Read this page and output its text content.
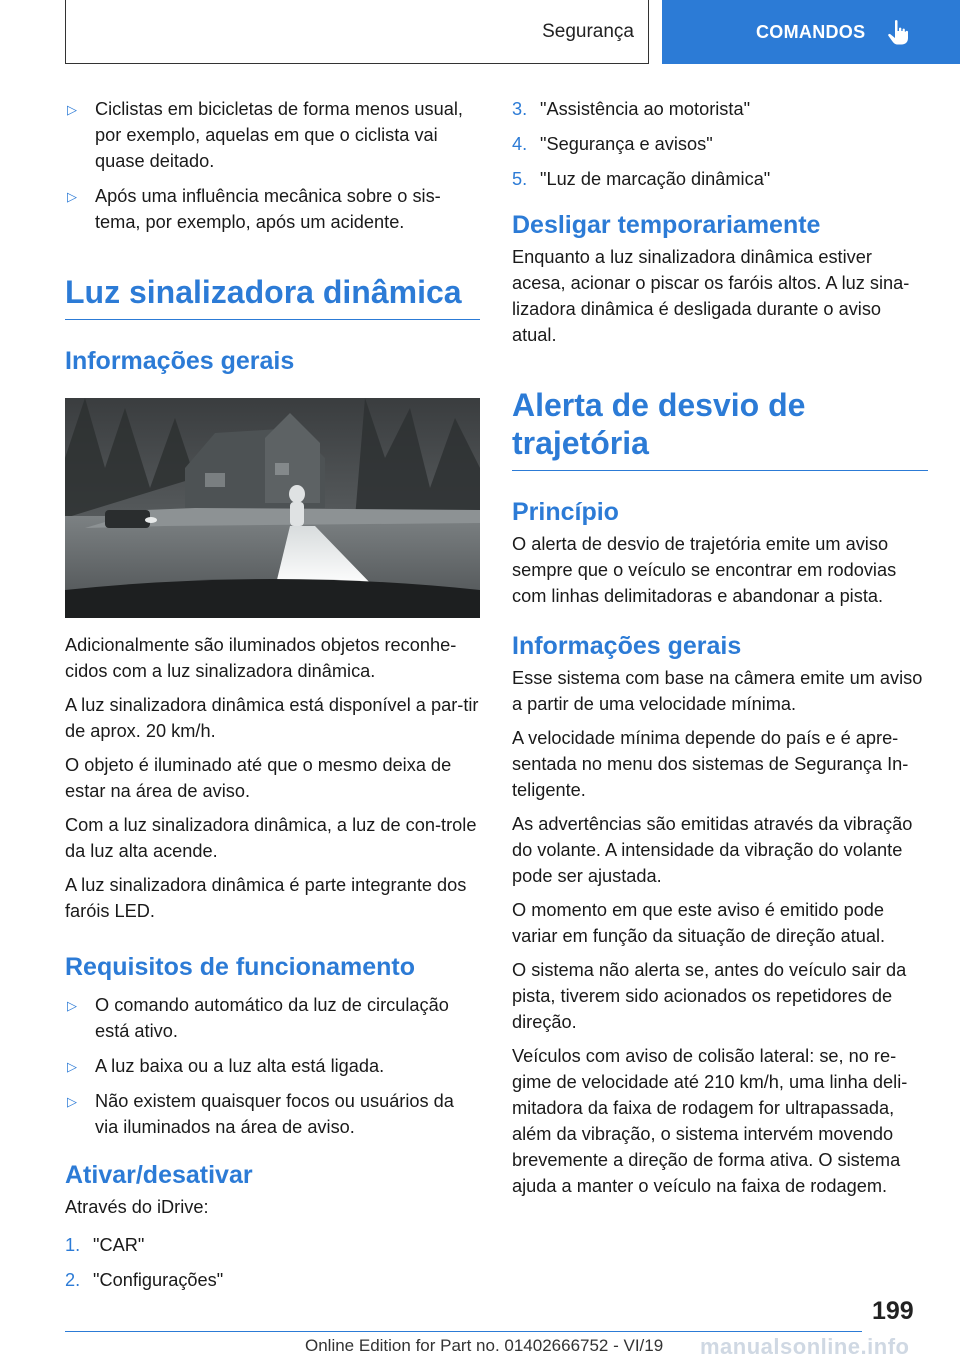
Segurança	COMANDOS
▷ Ciclistas em bicicletas de forma menos usual, por exemplo, aquelas em que o ciclista vai quase deitado.
▷ Após uma influência mecânica sobre o sis-tema, por exemplo, após um acidente.
Luz sinalizadora dinâmica
Informações gerais

Adicionalmente são iluminados objetos reconhe-cidos com a luz sinalizadora dinâmica.

A luz sinalizadora dinâmica está disponível a par-tir de aprox. 20 km/h.

O objeto é iluminado até que o mesmo deixa de estar na área de aviso.

Com a luz sinalizadora dinâmica, a luz de con-trole da luz alta acende.

A luz sinalizadora dinâmica é parte integrante dos faróis LED.

Requisitos de funcionamento
▷ O comando automático da luz de circulação está ativo.
▷ A luz baixa ou a luz alta está ligada.
▷ Não existem quaisquer focos ou usuários da via iluminados na área de aviso.
Ativar/desativar

Através do iDrive:

1. "CAR"
2. "Configurações"
3. "Assistência ao motorista"
4. "Segurança e avisos"
5. "Luz de marcação dinâmica"
Desligar temporariamente

Enquanto a luz sinalizadora dinâmica estiver acesa, acionar o piscar os faróis altos. A luz sina-lizadora dinâmica é desligada durante o aviso atual.

Alerta de desvio de trajetória
Princípio

O alerta de desvio de trajetória emite um aviso sempre que o veículo se encontrar em rodovias com linhas delimitadoras e abandonar a pista.

Informações gerais

Esse sistema com base na câmera emite um aviso a partir de uma velocidade mínima.

A velocidade mínima depende do país e é apre-sentada no menu dos sistemas de Segurança In-teligente.

As advertências são emitidas através da vibração do volante. A intensidade da vibração do volante pode ser ajustada.

O momento em que este aviso é emitido pode variar em função da situação de direção atual.

O sistema não alerta se, antes do veículo sair da pista, tiverem sido acionados os repetidores de direção.

Veículos com aviso de colisão lateral: se, no re-gime de velocidade até 210 km/h, uma linha deli-mitadora da faixa de rodagem for ultrapassada, além da vibração, o sistema intervém movendo brevemente a direção de forma ativa. O sistema ajuda a manter o veículo na faixa de rodagem.

199
manualsonline.info
Online Edition for Part no. 01402666752 - VI/19
